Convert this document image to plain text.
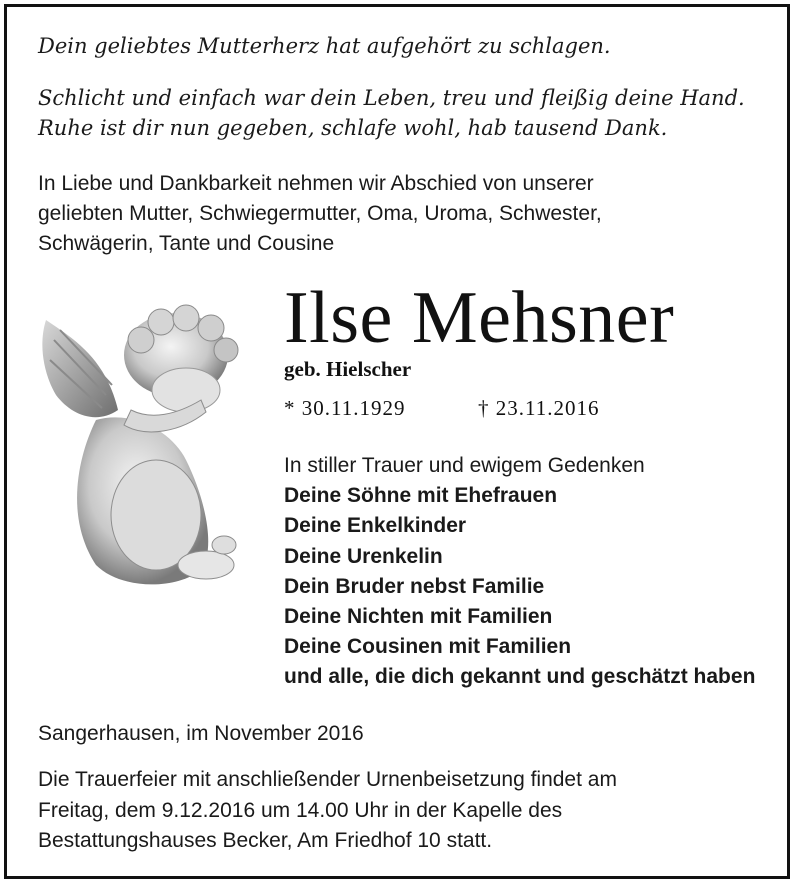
Dein geliebtes Mutterherz hat aufgehört zu schlagen.
Schlicht und einfach war dein Leben, treu und fleißig deine Hand.
Ruhe ist dir nun gegeben, schlafe wohl, hab tausend Dank.
In Liebe und Dankbarkeit nehmen wir Abschied von unserer
geliebten Mutter, Schwiegermutter, Oma, Uroma, Schwester,
Schwägerin, Tante und Cousine
Ilse Mehsner
geb. Hielscher
* 30.11.1929	† 23.11.2016
In stiller Trauer und ewigem Gedenken
Deine Söhne mit Ehefrauen
Deine Enkelkinder
Deine Urenkelin
Dein Bruder nebst Familie
Deine Nichten mit Familien
Deine Cousinen mit Familien
und alle, die dich gekannt und geschätzt haben
Sangerhausen, im November 2016
Die Trauerfeier mit anschließender Urnenbeisetzung findet am
Freitag, dem 9.12.2016 um 14.00 Uhr in der Kapelle des
Bestattungshauses Becker, Am Friedhof 10 statt.
